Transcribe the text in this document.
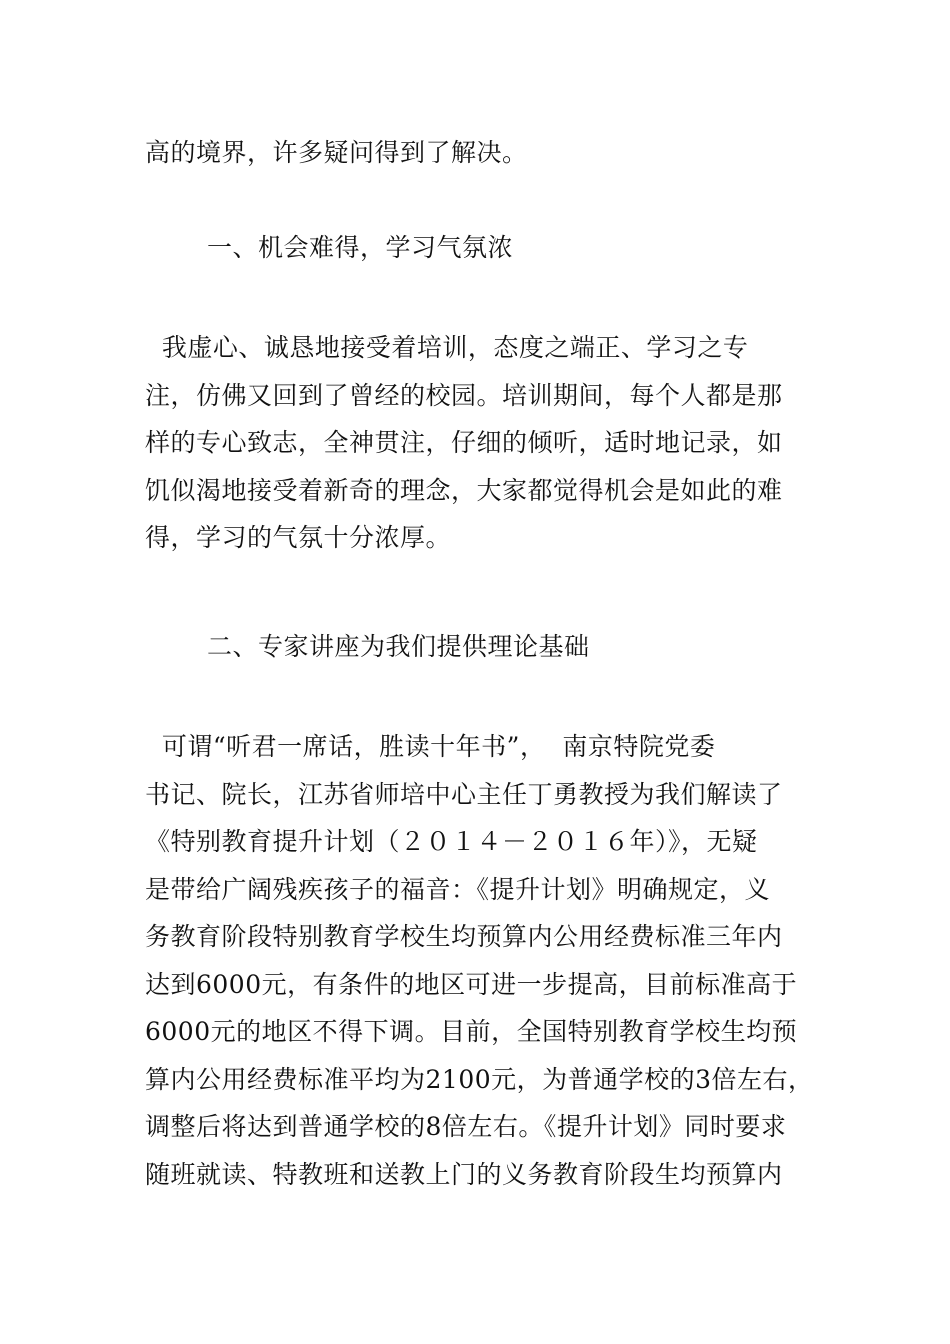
高的境界，许多疑问得到了解决。
一、机会难得，学习气氛浓
我虚心、诚恳地接受着培训，态度之端正、学习之专
注，仿佛又回到了曾经的校园。培训期间，每个人都是那
样的专心致志，全神贯注，仔细的倾听，适时地记录，如
饥似渴地接受着新奇的理念，大家都觉得机会是如此的难
得，学习的气氛十分浓厚。
二、专家讲座为我们提供理论基础
可谓“听君一席话，胜读十年书”，  南京特院党委
书记、院长，江苏省师培中心主任丁勇教授为我们解读了
《特别教育提升计划（２０１４－２０１６年）》，无疑
是带给广阔残疾孩子的福音：《提升计划》明确规定，义
务教育阶段特别教育学校生均预算内公用经费标准三年内
达到6000元，有条件的地区可进一步提高，目前标准高于
6000元的地区不得下调。目前，全国特别教育学校生均预
算内公用经费标准平均为2100元，为普通学校的3倍左右，
调整后将达到普通学校的8倍左右。《提升计划》同时要求
随班就读、特教班和送教上门的义务教育阶段生均预算内
